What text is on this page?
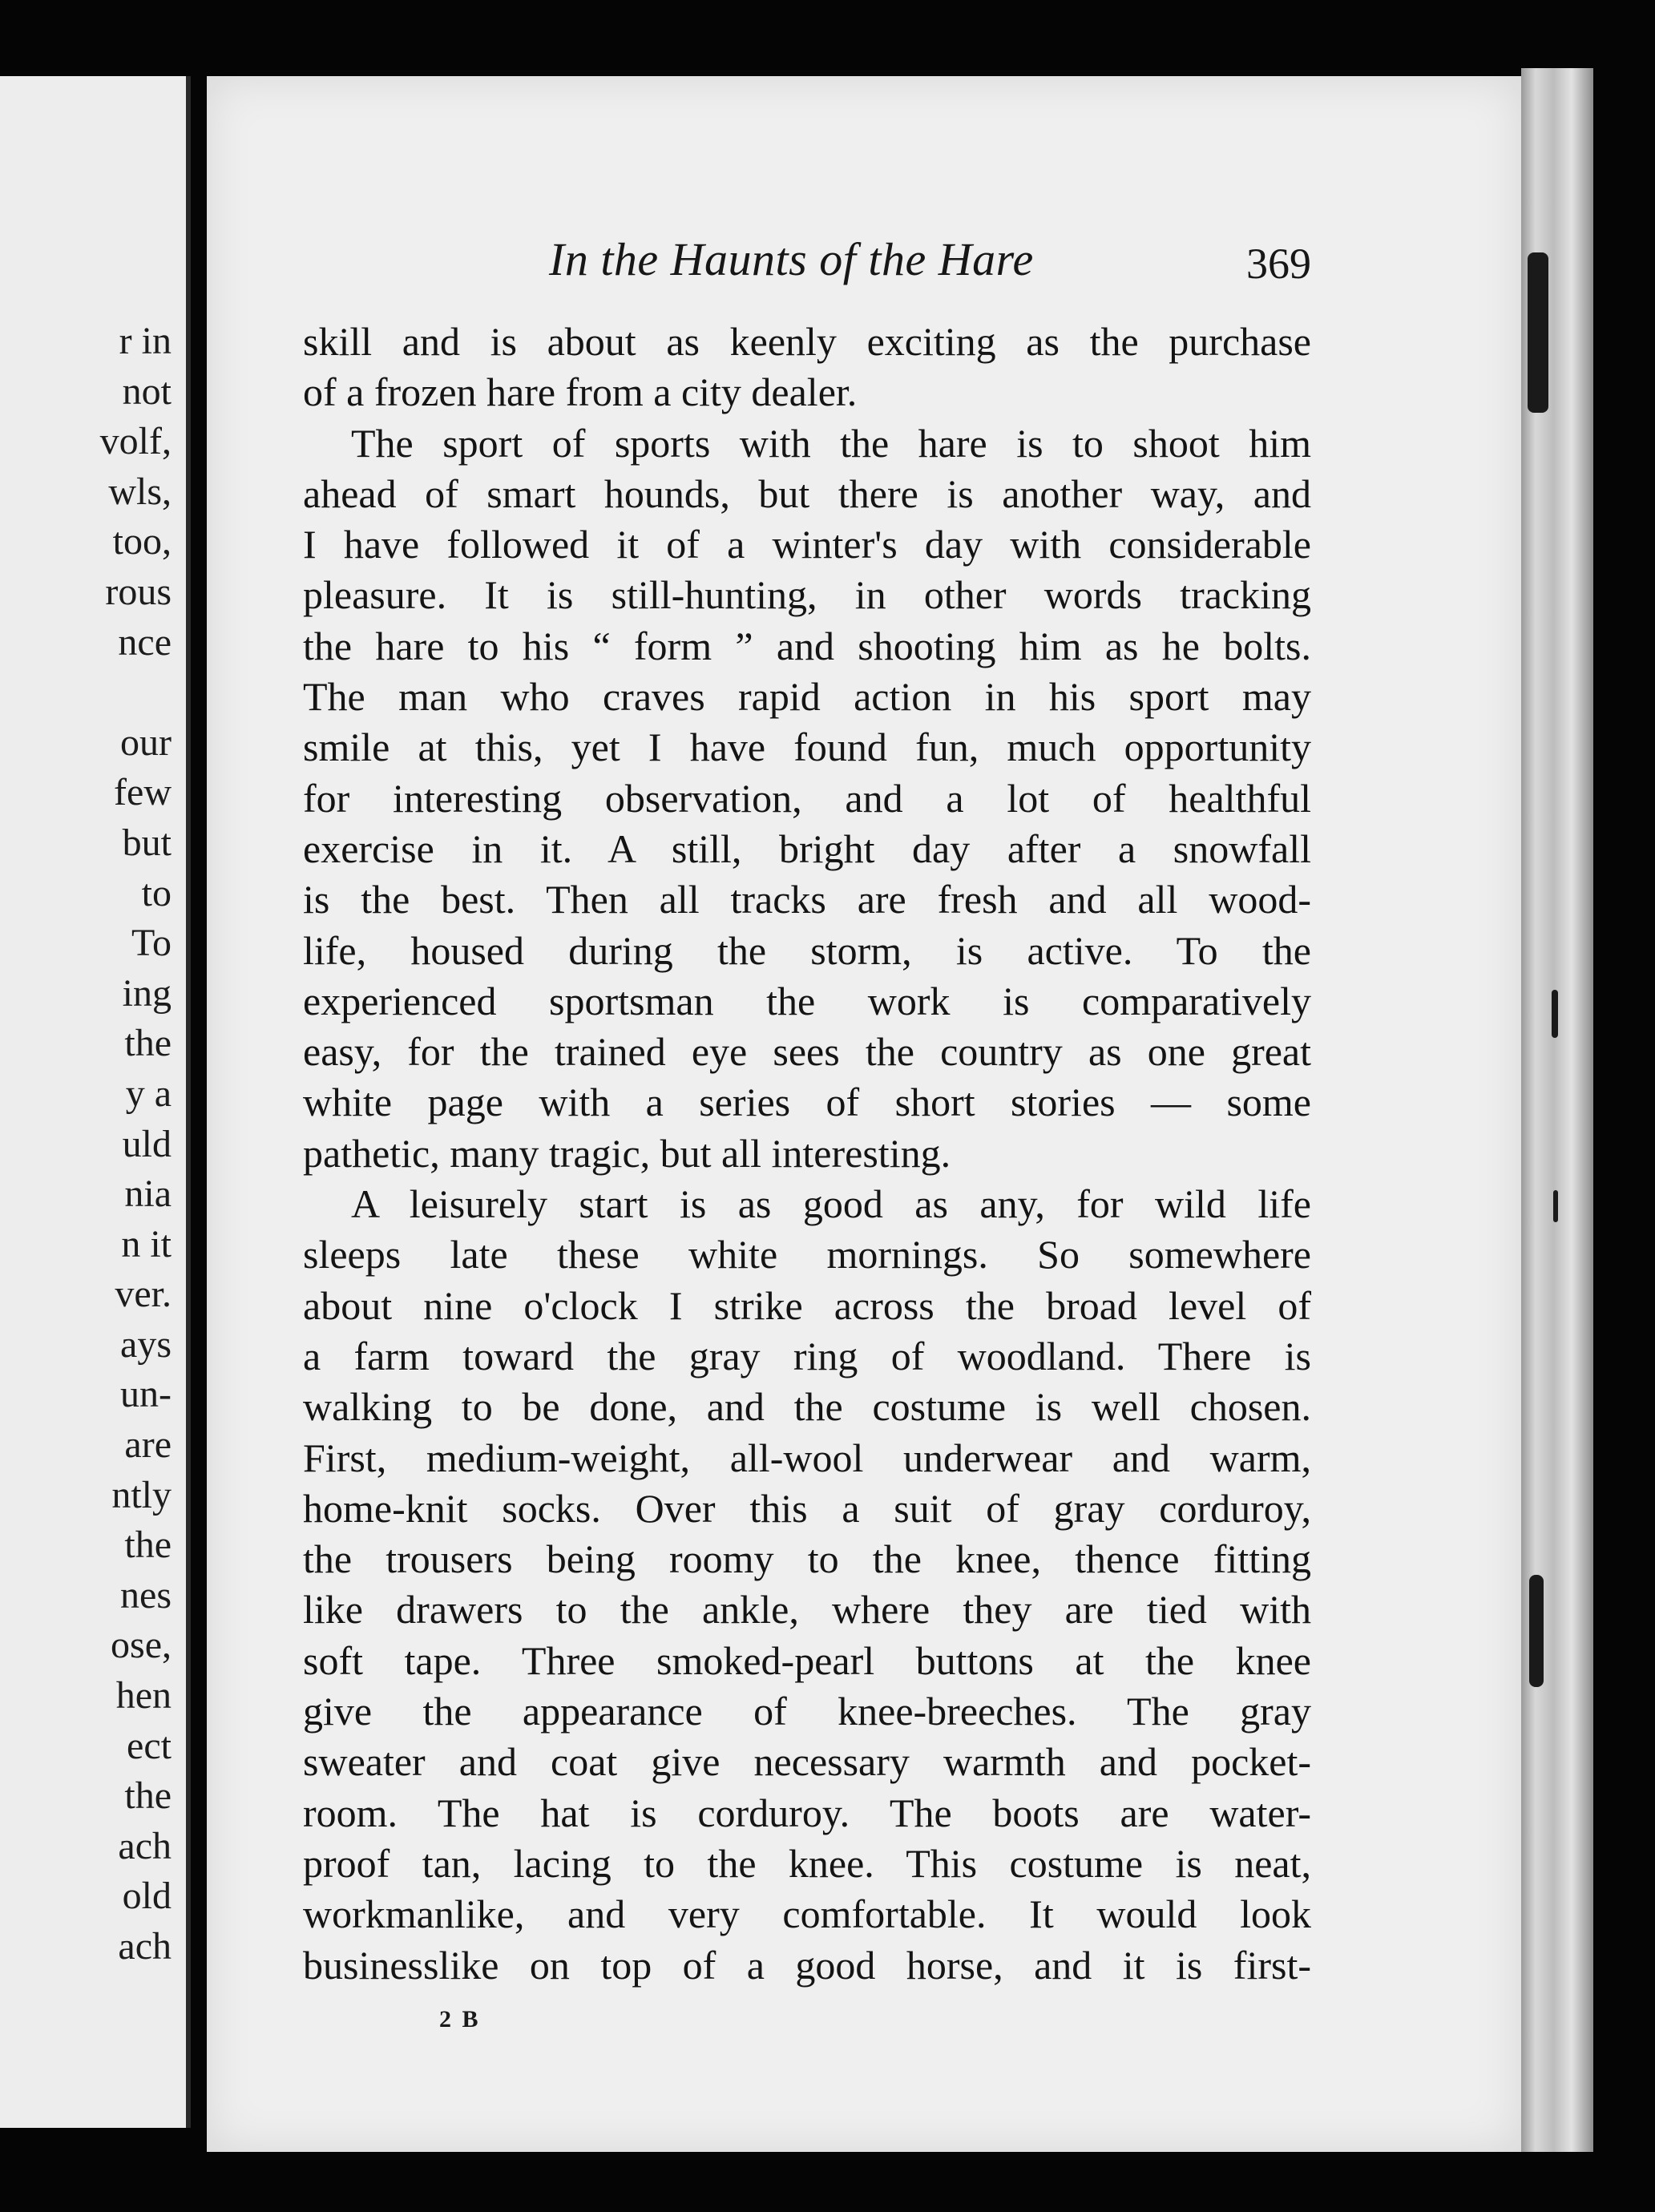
r in
not
volf,
wls,
too,
rous
nce
our
few
but
to
To
ing
the
y a
uld
nia
n it
ver.
ays
un-
are
ntly
the
nes
ose,
hen
ect
the
ach
old
ach
In the Haunts of the Hare	369
skill and is about as keenly exciting as the purchase
of a frozen hare from a city dealer.
The sport of sports with the hare is to shoot him
ahead of smart hounds, but there is another way, and
I have followed it of a winter's day with considerable
pleasure. It is still-hunting, in other words tracking
the hare to his “ form ” and shooting him as he bolts.
The man who craves rapid action in his sport may
smile at this, yet I have found fun, much opportunity
for interesting observation, and a lot of healthful
exercise in it. A still, bright day after a snowfall
is the best. Then all tracks are fresh and all wood-
life, housed during the storm, is active. To the
experienced sportsman the work is comparatively
easy, for the trained eye sees the country as one great
white page with a series of short stories — some
pathetic, many tragic, but all interesting.
A leisurely start is as good as any, for wild life
sleeps late these white mornings. So somewhere
about nine o'clock I strike across the broad level of
a farm toward the gray ring of woodland. There is
walking to be done, and the costume is well chosen.
First, medium-weight, all-wool underwear and warm,
home-knit socks. Over this a suit of gray corduroy,
the trousers being roomy to the knee, thence fitting
like drawers to the ankle, where they are tied with
soft tape. Three smoked-pearl buttons at the knee
give the appearance of knee-breeches. The gray
sweater and coat give necessary warmth and pocket-
room. The hat is corduroy. The boots are water-
proof tan, lacing to the knee. This costume is neat,
workmanlike, and very comfortable. It would look
businesslike on top of a good horse, and it is first-
2 B
